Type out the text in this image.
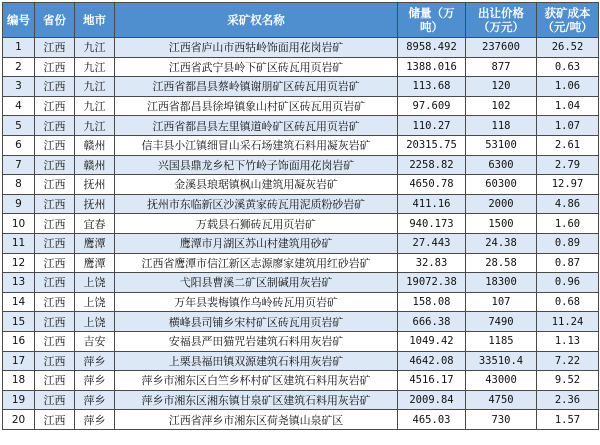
编号	省份	地市	采矿权名称	储量（万吨）	出让价格（万元）	获矿成本（元/吨）
1	江西	九江	江西省庐山市西牯岭饰面用花岗岩矿	8958.492	237600	26.52
2	江西	九江	江西省武宁县岭下矿区砖瓦用页岩矿	1388.016	877	0.63
3	江西	九江	江西省都昌县蔡岭镇谢朋矿区砖瓦用页岩矿	113.68	120	1.06
4	江西	九江	江西省都昌县徐埠镇象山村矿区砖瓦用页岩矿	97.609	102	1.04
5	江西	九江	江西省都昌县左里镇道岭矿区砖瓦用页岩矿	110.27	118	1.07
6	江西	赣州	信丰县小江镇细冒山采石场建筑石料用凝灰岩矿	20315.75	53100	2.61
7	江西	赣州	兴国县鼎龙乡杞下竹岭子饰面用花岗岩矿	2258.82	6300	2.79
8	江西	抚州	金溪县琅琚镇枫山建筑用凝灰岩矿	4650.78	60300	12.97
9	江西	抚州	抚州市东临新区沙溪黄家砖瓦用泥质粉砂岩矿	411.16	2000	4.86
10	江西	宜春	万载县石狮砖瓦用页岩矿	940.173	1500	1.60
11	江西	鹰潭	鹰潭市月湖区苏山村建筑用砂矿	27.443	24.38	0.89
12	江西	鹰潭	江西省鹰潭市信江新区志源廖家建筑用红砂岩矿	32.83	28.58	0.87
13	江西	上饶	弋阳县曹溪二矿区制碱用灰岩矿	19072.38	18300	0.96
14	江西	上饶	万年县裴梅镇作乌岭砖瓦用页岩矿	158.08	107	0.68
15	江西	上饶	横峰县司铺乡宋村矿区砖瓦用页岩矿	666.38	7490	11.24
16	江西	吉安	安福县严田猫咒岩建筑石料用灰岩矿	1049.42	1185	1.13
17	江西	萍乡	上栗县福田镇双源建筑石料用灰岩矿	4642.08	33510.4	7.22
18	江西	萍乡	萍乡市湘东区白竺乡杯村矿区建筑石料用灰岩矿	4516.17	43000	9.52
19	江西	萍乡	萍乡市湘东区湘东镇甘泉矿区建筑石料用灰岩矿	2009.84	4750	2.36
20	江西	萍乡	江西省萍乡市湘东区荷尧镇山泉矿区	465.03	730	1.57
